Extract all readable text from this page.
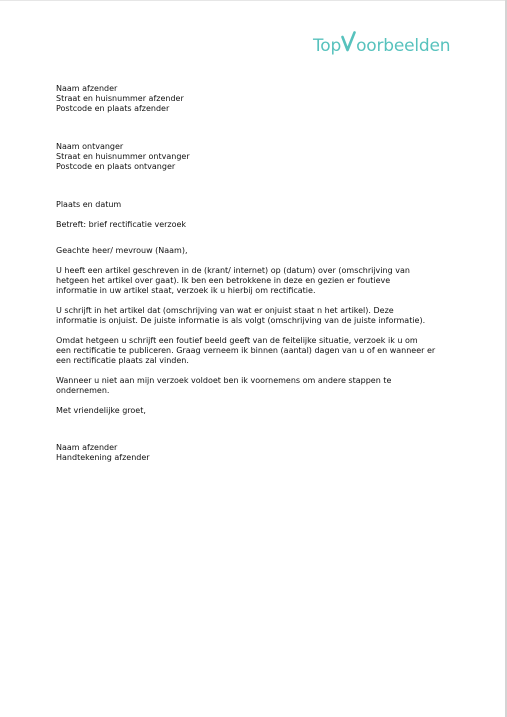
Top oorbeelden

Naam afzender

Straat en huisnummer afzender

Postcode en plaats afzender

Naam ontvanger

Straat en huisnummer ontvanger

Postcode en plaats ontvanger

Plaats en datum

Betreft: brief rectificatie verzoek

Geachte heer/ mevrouw (Naam),

U heeft een artikel geschreven in de (krant/ internet) op (datum) over (omschrijving van

hetgeen het artikel over gaat). Ik ben een betrokkene in deze en gezien er foutieve

informatie in uw artikel staat, verzoek ik u hierbij om rectificatie.

U schrijft in het artikel dat (omschrijving van wat er onjuist staat n het artikel). Deze

informatie is onjuist. De juiste informatie is als volgt (omschrijving van de juiste informatie).

Omdat hetgeen u schrijft een foutief beeld geeft van de feitelijke situatie, verzoek ik u om

een rectificatie te publiceren. Graag verneem ik binnen (aantal) dagen van u of en wanneer er

een rectificatie plaats zal vinden.

Wanneer u niet aan mijn verzoek voldoet ben ik voornemens om andere stappen te

ondernemen.

Met vriendelijke groet,

Naam afzender

Handtekening afzender
